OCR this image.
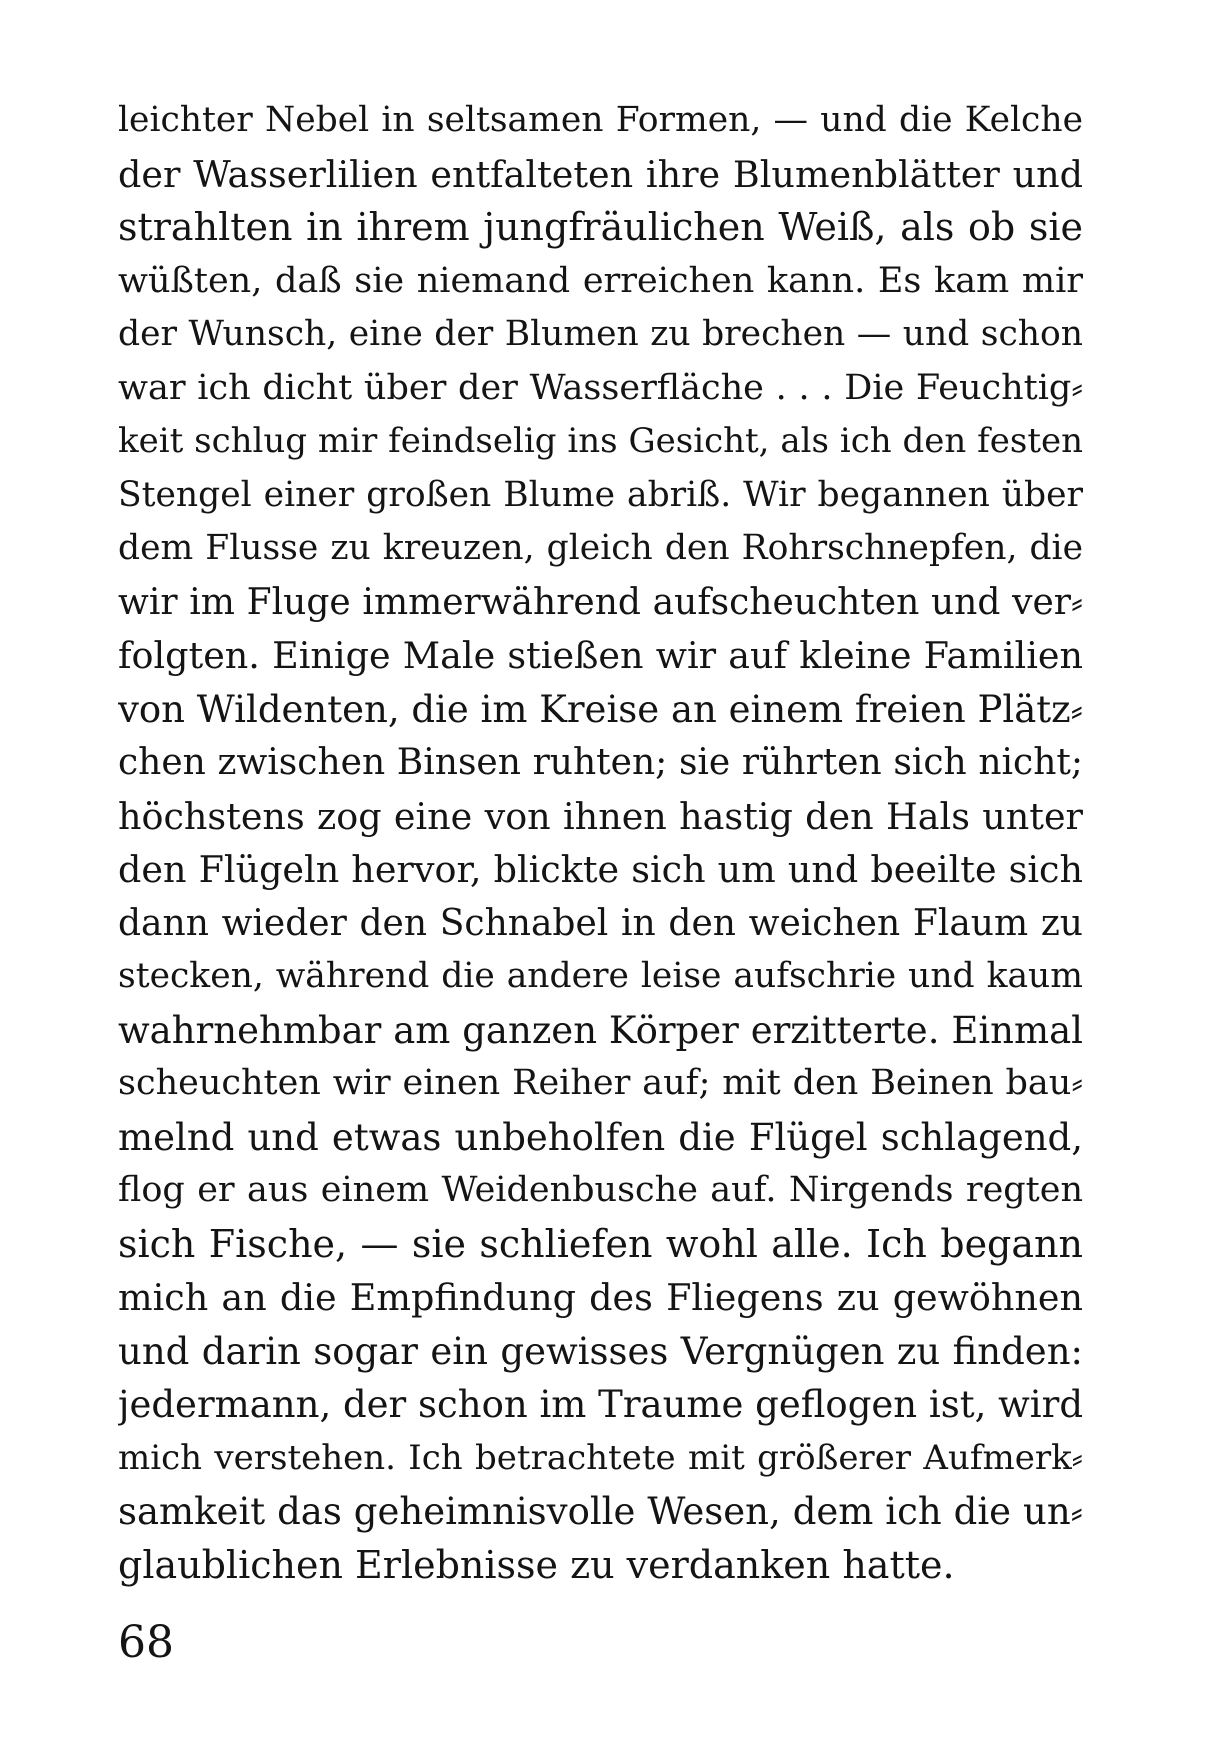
leichter Nebel in seltsamen Formen, — und die Kelche
der Wasserlilien entfalteten ihre Blumenblätter und
strahlten in ihrem jungfräulichen Weiß, als ob sie
wüßten, daß sie niemand erreichen kann. Es kam mir
der Wunsch, eine der Blumen zu brechen — und schon
war ich dicht über der Wasserfläche . . . Die Feuchtig⸗
keit schlug mir feindselig ins Gesicht, als ich den festen
Stengel einer großen Blume abriß. Wir begannen über
dem Flusse zu kreuzen, gleich den Rohrschnepfen, die
wir im Fluge immerwährend aufscheuchten und ver⸗
folgten. Einige Male stießen wir auf kleine Familien
von Wildenten, die im Kreise an einem freien Plätz⸗
chen zwischen Binsen ruhten; sie rührten sich nicht;
höchstens zog eine von ihnen hastig den Hals unter
den Flügeln hervor, blickte sich um und beeilte sich
dann wieder den Schnabel in den weichen Flaum zu
stecken, während die andere leise aufschrie und kaum
wahrnehmbar am ganzen Körper erzitterte. Einmal
scheuchten wir einen Reiher auf; mit den Beinen bau⸗
melnd und etwas unbeholfen die Flügel schlagend,
flog er aus einem Weidenbusche auf. Nirgends regten
sich Fische, — sie schliefen wohl alle. Ich begann
mich an die Empfindung des Fliegens zu gewöhnen
und darin sogar ein gewisses Vergnügen zu finden:
jedermann, der schon im Traume geflogen ist, wird
mich verstehen. Ich betrachtete mit größerer Aufmerk⸗
samkeit das geheimnisvolle Wesen, dem ich die un⸗
glaublichen Erlebnisse zu verdanken hatte.
68
